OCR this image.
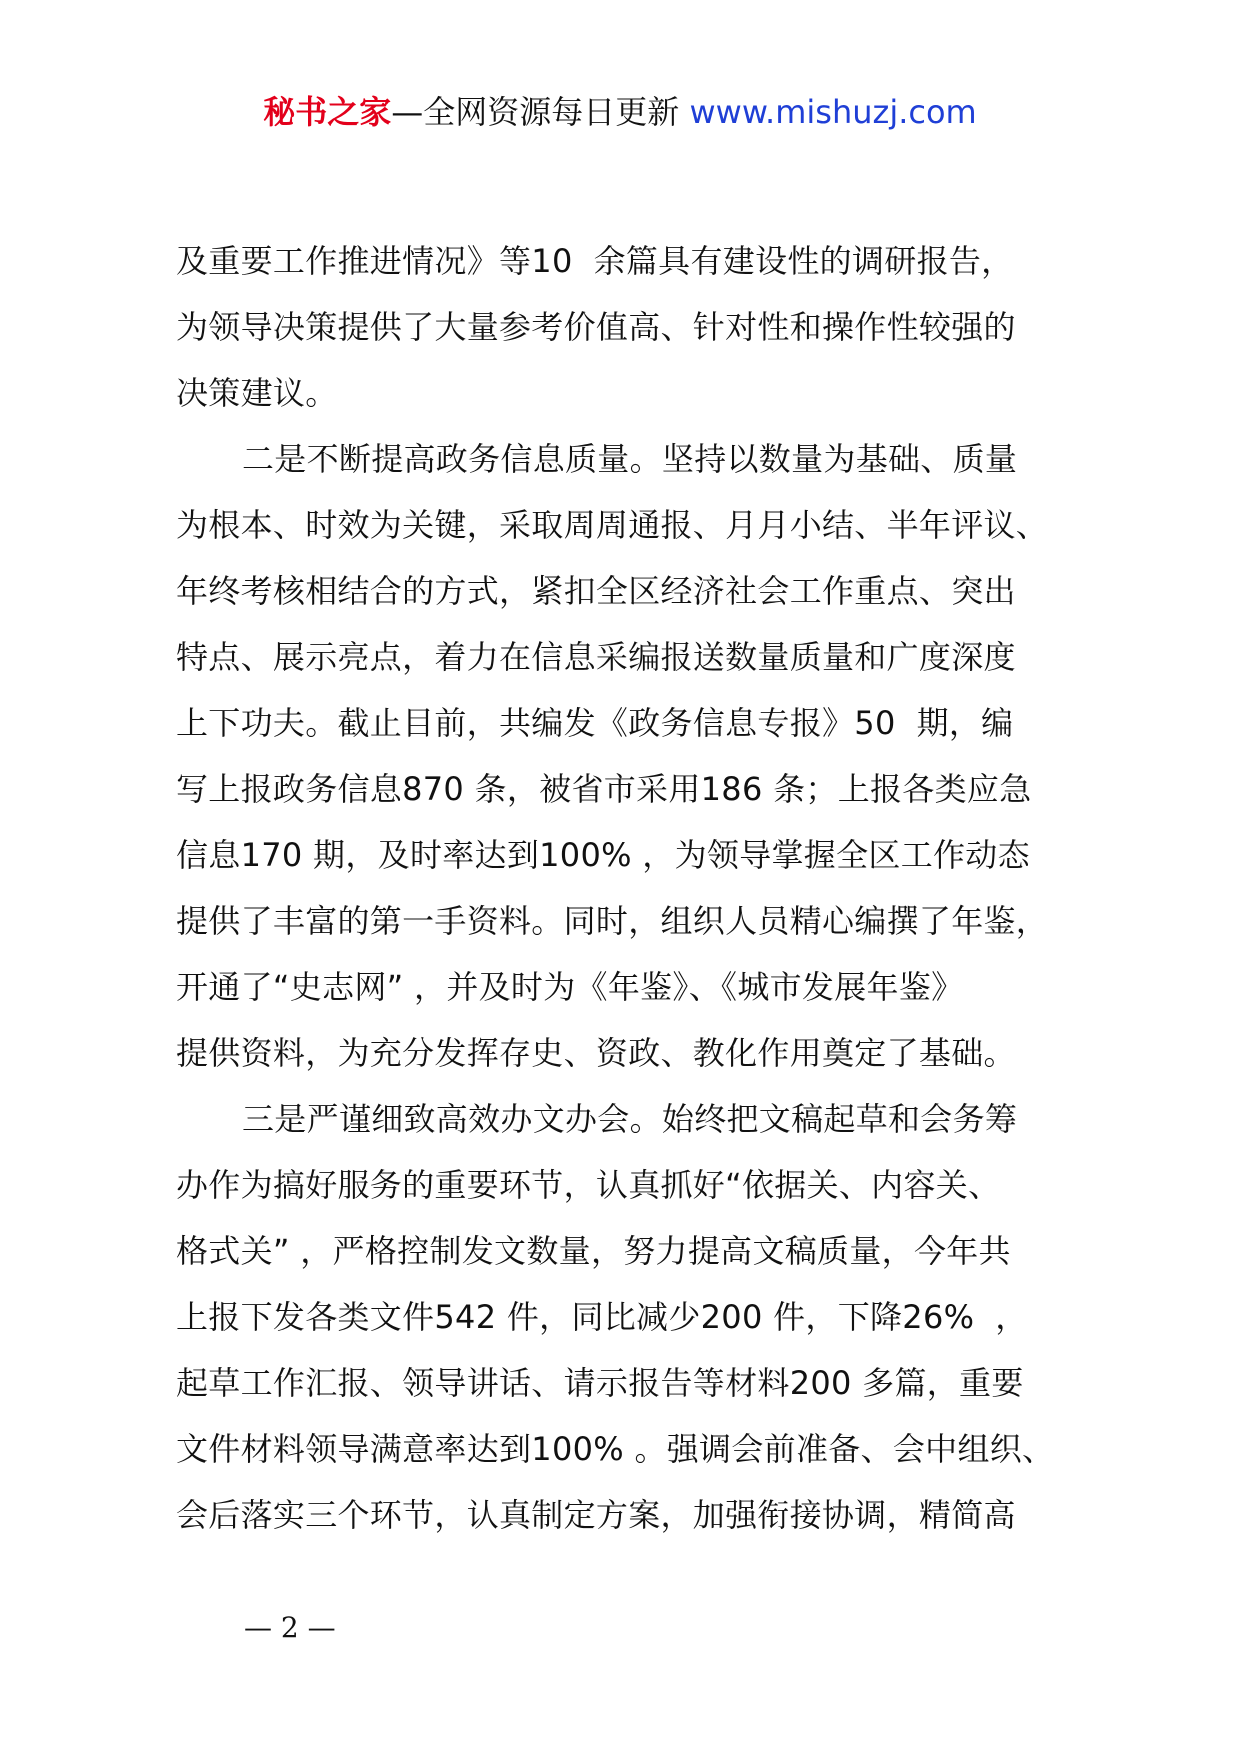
秘书之家—全网资源每日更新 www.mishuzj.com
及重要工作推进情况》等10  余篇具有建设性的调研报告，
为领导决策提供了大量参考价值高、针对性和操作性较强的
决策建议。
二是不断提高政务信息质量。坚持以数量为基础、质量
为根本、时效为关键，采取周周通报、月月小结、半年评议、
年终考核相结合的方式，紧扣全区经济社会工作重点、突出
特点、展示亮点，着力在信息采编报送数量质量和广度深度
上下功夫。截止目前，共编发《政务信息专报》50  期，编
写上报政务信息870 条，被省市采用186 条；上报各类应急
信息170 期，及时率达到100% ，为领导掌握全区工作动态
提供了丰富的第一手资料。同时，组织人员精心编撰了年鉴，
开通了“史志网” ，并及时为《年鉴》、《城市发展年鉴》
提供资料，为充分发挥存史、资政、教化作用奠定了基础。
三是严谨细致高效办文办会。始终把文稿起草和会务筹
办作为搞好服务的重要环节，认真抓好“依据关、内容关、
格式关” ，严格控制发文数量，努力提高文稿质量，今年共
上报下发各类文件542 件，同比减少200 件，下降26%  ，
起草工作汇报、领导讲话、请示报告等材料200 多篇，重要
文件材料领导满意率达到100% 。强调会前准备、会中组织、
会后落实三个环节，认真制定方案，加强衔接协调，精简高
— 2 —
